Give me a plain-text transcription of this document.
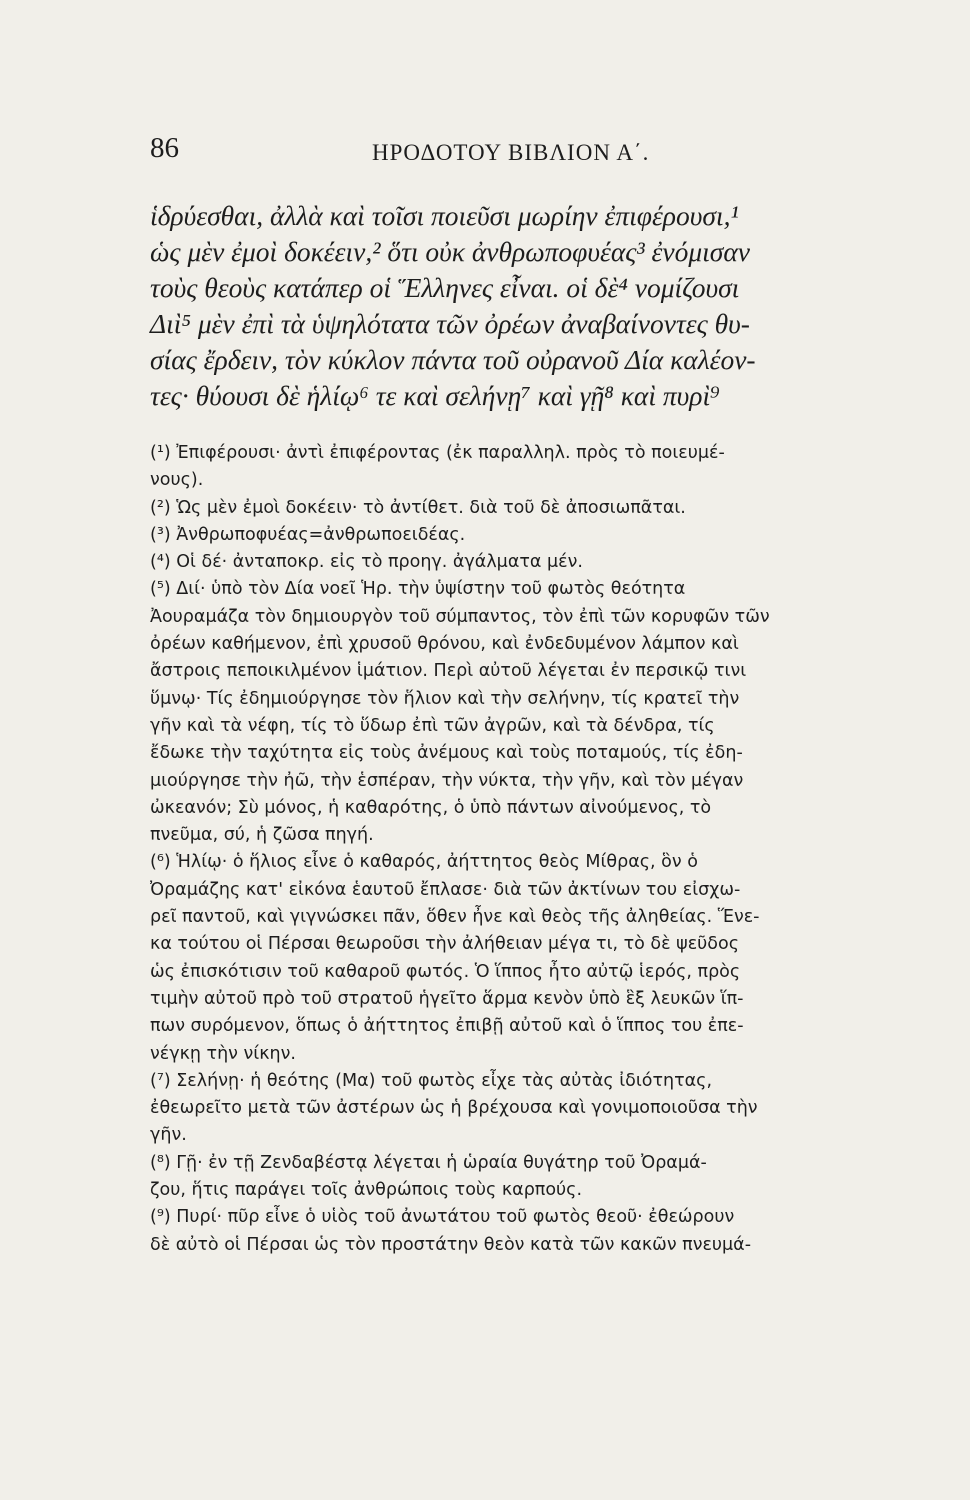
86	ΗΡΟΔΟΤΟΥ ΒΙΒΛΙΟΝ Α΄.
ἱδρύεσθαι, ἀλλὰ καὶ τοῖσι ποιεῦσι μωρίην ἐπιφέρουσι,¹
ὡς μὲν ἐμοὶ δοκέειν,² ὅτι οὐκ ἀνθρωποφυέας³ ἐνόμισαν
τοὺς θεοὺς κατάπερ οἱ Ἕλληνες εἶναι. οἱ δὲ⁴ νομίζουσι
Διὶ⁵ μὲν ἐπὶ τὰ ὑψηλότατα τῶν ὀρέων ἀναβαίνοντες θυ-
σίας ἔρδειν, τὸν κύκλον πάντα τοῦ οὐρανοῦ Δία καλέον-
τες· θύουσι δὲ ἡλίῳ⁶ τε καὶ σελήνῃ⁷ καὶ γῇ⁸ καὶ πυρὶ⁹
(¹) Ἐπιφέρουσι· ἀντὶ ἐπιφέροντας (ἐκ παραλληλ. πρὸς τὸ ποιευμέ-
νους).
(²) Ὡς μὲν ἐμοὶ δοκέειν· τὸ ἀντίθετ. διὰ τοῦ δὲ ἀποσιωπᾶται.
(³) Ἀνθρωποφυέας=ἀνθρωποειδέας.
(⁴) Οἱ δέ· ἀνταποκρ. εἰς τὸ προηγ. ἀγάλματα μέν.
(⁵) Διί· ὑπὸ τὸν Δία νοεῖ Ἡρ. τὴν ὑψίστην τοῦ φωτὸς θεότητα
Ἀουραμάζα τὸν δημιουργὸν τοῦ σύμπαντος, τὸν ἐπὶ τῶν κορυφῶν τῶν
ὀρέων καθήμενον, ἐπὶ χρυσοῦ θρόνου, καὶ ἐνδεδυμένον λάμπον καὶ
ἄστροις πεποικιλμένον ἱμάτιον. Περὶ αὐτοῦ λέγεται ἐν περσικῷ τινι
ὕμνῳ· Τίς ἐδημιούργησε τὸν ἥλιον καὶ τὴν σελήνην, τίς κρατεῖ τὴν
γῆν καὶ τὰ νέφη, τίς τὸ ὕδωρ ἐπὶ τῶν ἀγρῶν, καὶ τὰ δένδρα, τίς
ἔδωκε τὴν ταχύτητα εἰς τοὺς ἀνέμους καὶ τοὺς ποταμούς, τίς ἐδη-
μιούργησε τὴν ἠῶ, τὴν ἑσπέραν, τὴν νύκτα, τὴν γῆν, καὶ τὸν μέγαν
ὠκεανόν; Σὺ μόνος, ἡ καθαρότης, ὁ ὑπὸ πάντων αἰνούμενος, τὸ
πνεῦμα, σύ, ἡ ζῶσα πηγή.
(⁶) Ἡλίῳ· ὁ ἥλιος εἶνε ὁ καθαρός, ἀήττητος θεὸς Μίθρας, ὃν ὁ
Ὀραμάζης κατ' εἰκόνα ἑαυτοῦ ἔπλασε· διὰ τῶν ἀκτίνων του εἰσχω-
ρεῖ παντοῦ, καὶ γιγνώσκει πᾶν, ὅθεν ἦνε καὶ θεὸς τῆς ἀληθείας. Ἕνε-
κα τούτου οἱ Πέρσαι θεωροῦσι τὴν ἀλήθειαν μέγα τι, τὸ δὲ ψεῦδος
ὡς ἐπισκότισιν τοῦ καθαροῦ φωτός. Ὁ ἵππος ἦτο αὐτῷ ἱερός, πρὸς
τιμὴν αὐτοῦ πρὸ τοῦ στρατοῦ ἡγεῖτο ἅρμα κενὸν ὑπὸ ἓξ λευκῶν ἵπ-
πων συρόμενον, ὅπως ὁ ἀήττητος ἐπιβῇ αὐτοῦ καὶ ὁ ἵππος του ἐπε-
νέγκῃ τὴν νίκην.
(⁷) Σελήνῃ· ἡ θεότης (Μα) τοῦ φωτὸς εἶχε τὰς αὐτὰς ἰδιότητας,
ἐθεωρεῖτο μετὰ τῶν ἀστέρων ὡς ἡ βρέχουσα καὶ γονιμοποιοῦσα τὴν
γῆν.
(⁸) Γῇ· ἐν τῇ Ζενδαβέστᾳ λέγεται ἡ ὡραία θυγάτηρ τοῦ Ὀραμά-
ζου, ἥτις παράγει τοῖς ἀνθρώποις τοὺς καρπούς.
(⁹) Πυρί· πῦρ εἶνε ὁ υἱὸς τοῦ ἀνωτάτου τοῦ φωτὸς θεοῦ· ἐθεώρουν
δὲ αὐτὸ οἱ Πέρσαι ὡς τὸν προστάτην θεὸν κατὰ τῶν κακῶν πνευμά-
